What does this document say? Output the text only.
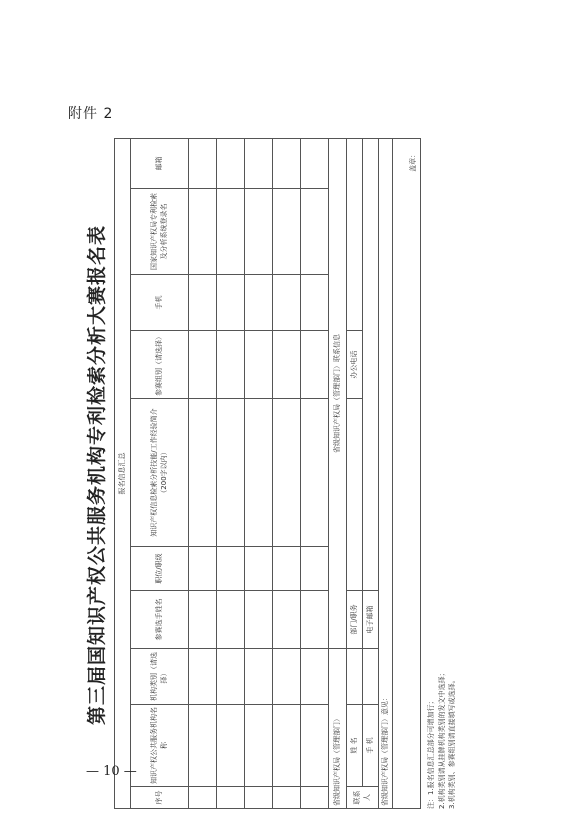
附件 2
第三届国知识产权公共服务机构专利检索分析大赛报名表 报名信息汇总									
序号	知识产权公共服务机构名称	机构类别（请选择）	参赛选手姓名	职位/职级	知识产权信息检索分析技能/工作经验简介（200字以内）	参赛组别（请选择）	手机	国家知识产权局专利检索及分析系统登录名	邮箱

省级知识产权局（管理部门）			省级知识产权局（管理部门）联系信息						
联系人	姓 名		部门/职务			办公电话			
	手 机		电子邮箱						
省级知识产权局（管理部门）意见：									
盖章：									
注：1.报名信息汇总部分可增加行； 2.机构类别请从挂牌机构类别的发文中选择； 3.机构类别、参赛组别请直接填写或选择。
— 10 —
